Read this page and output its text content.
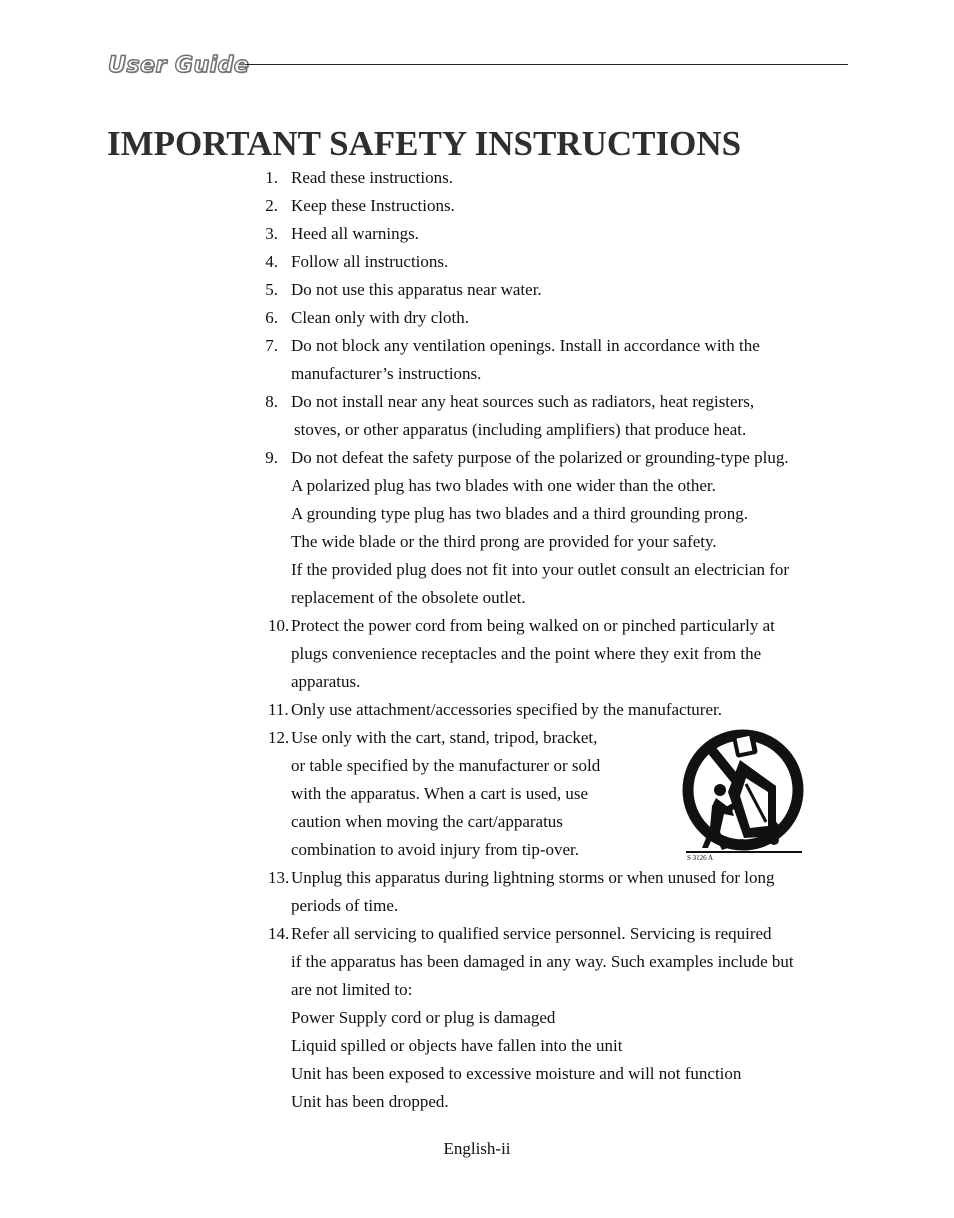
User Guide
IMPORTANT SAFETY INSTRUCTIONS
1. Read these instructions.
2. Keep these Instructions.
3. Heed all warnings.
4. Follow all instructions.
5. Do not use this apparatus near water.
6. Clean only with dry cloth.
7. Do not block any ventilation openings. Install in accordance with the
manufacturer’s instructions.
8. Do not install near any heat sources such as radiators, heat registers,
stoves, or other apparatus (including amplifiers) that produce heat.
9. Do not defeat the safety purpose of the polarized or grounding-type plug.
A polarized plug has two blades with one wider than the other.
A grounding type plug has two blades and a third grounding prong.
The wide blade or the third prong are provided for your safety.
If the provided plug does not fit into your outlet consult an electrician for
replacement of the obsolete outlet.
10. Protect the power cord from being walked on or pinched particularly at
plugs convenience receptacles and the point where they exit from the
apparatus.
11. Only use attachment/accessories specified by the manufacturer.
12. Use only with the cart, stand, tripod, bracket,
or table specified by the manufacturer or sold
with the apparatus. When a cart is used, use
caution when moving the cart/apparatus
combination to avoid injury from tip-over.
13. Unplug this apparatus during lightning storms or when unused for long
periods of time.
14. Refer all servicing to qualified service personnel. Servicing is required
if the apparatus has been damaged in any way. Such examples include but
are not limited to:
Power Supply cord or plug is damaged
Liquid spilled or objects have fallen into the unit
Unit has been exposed to excessive moisture and will not function
Unit has been dropped.
S 3126 A
English-ii
